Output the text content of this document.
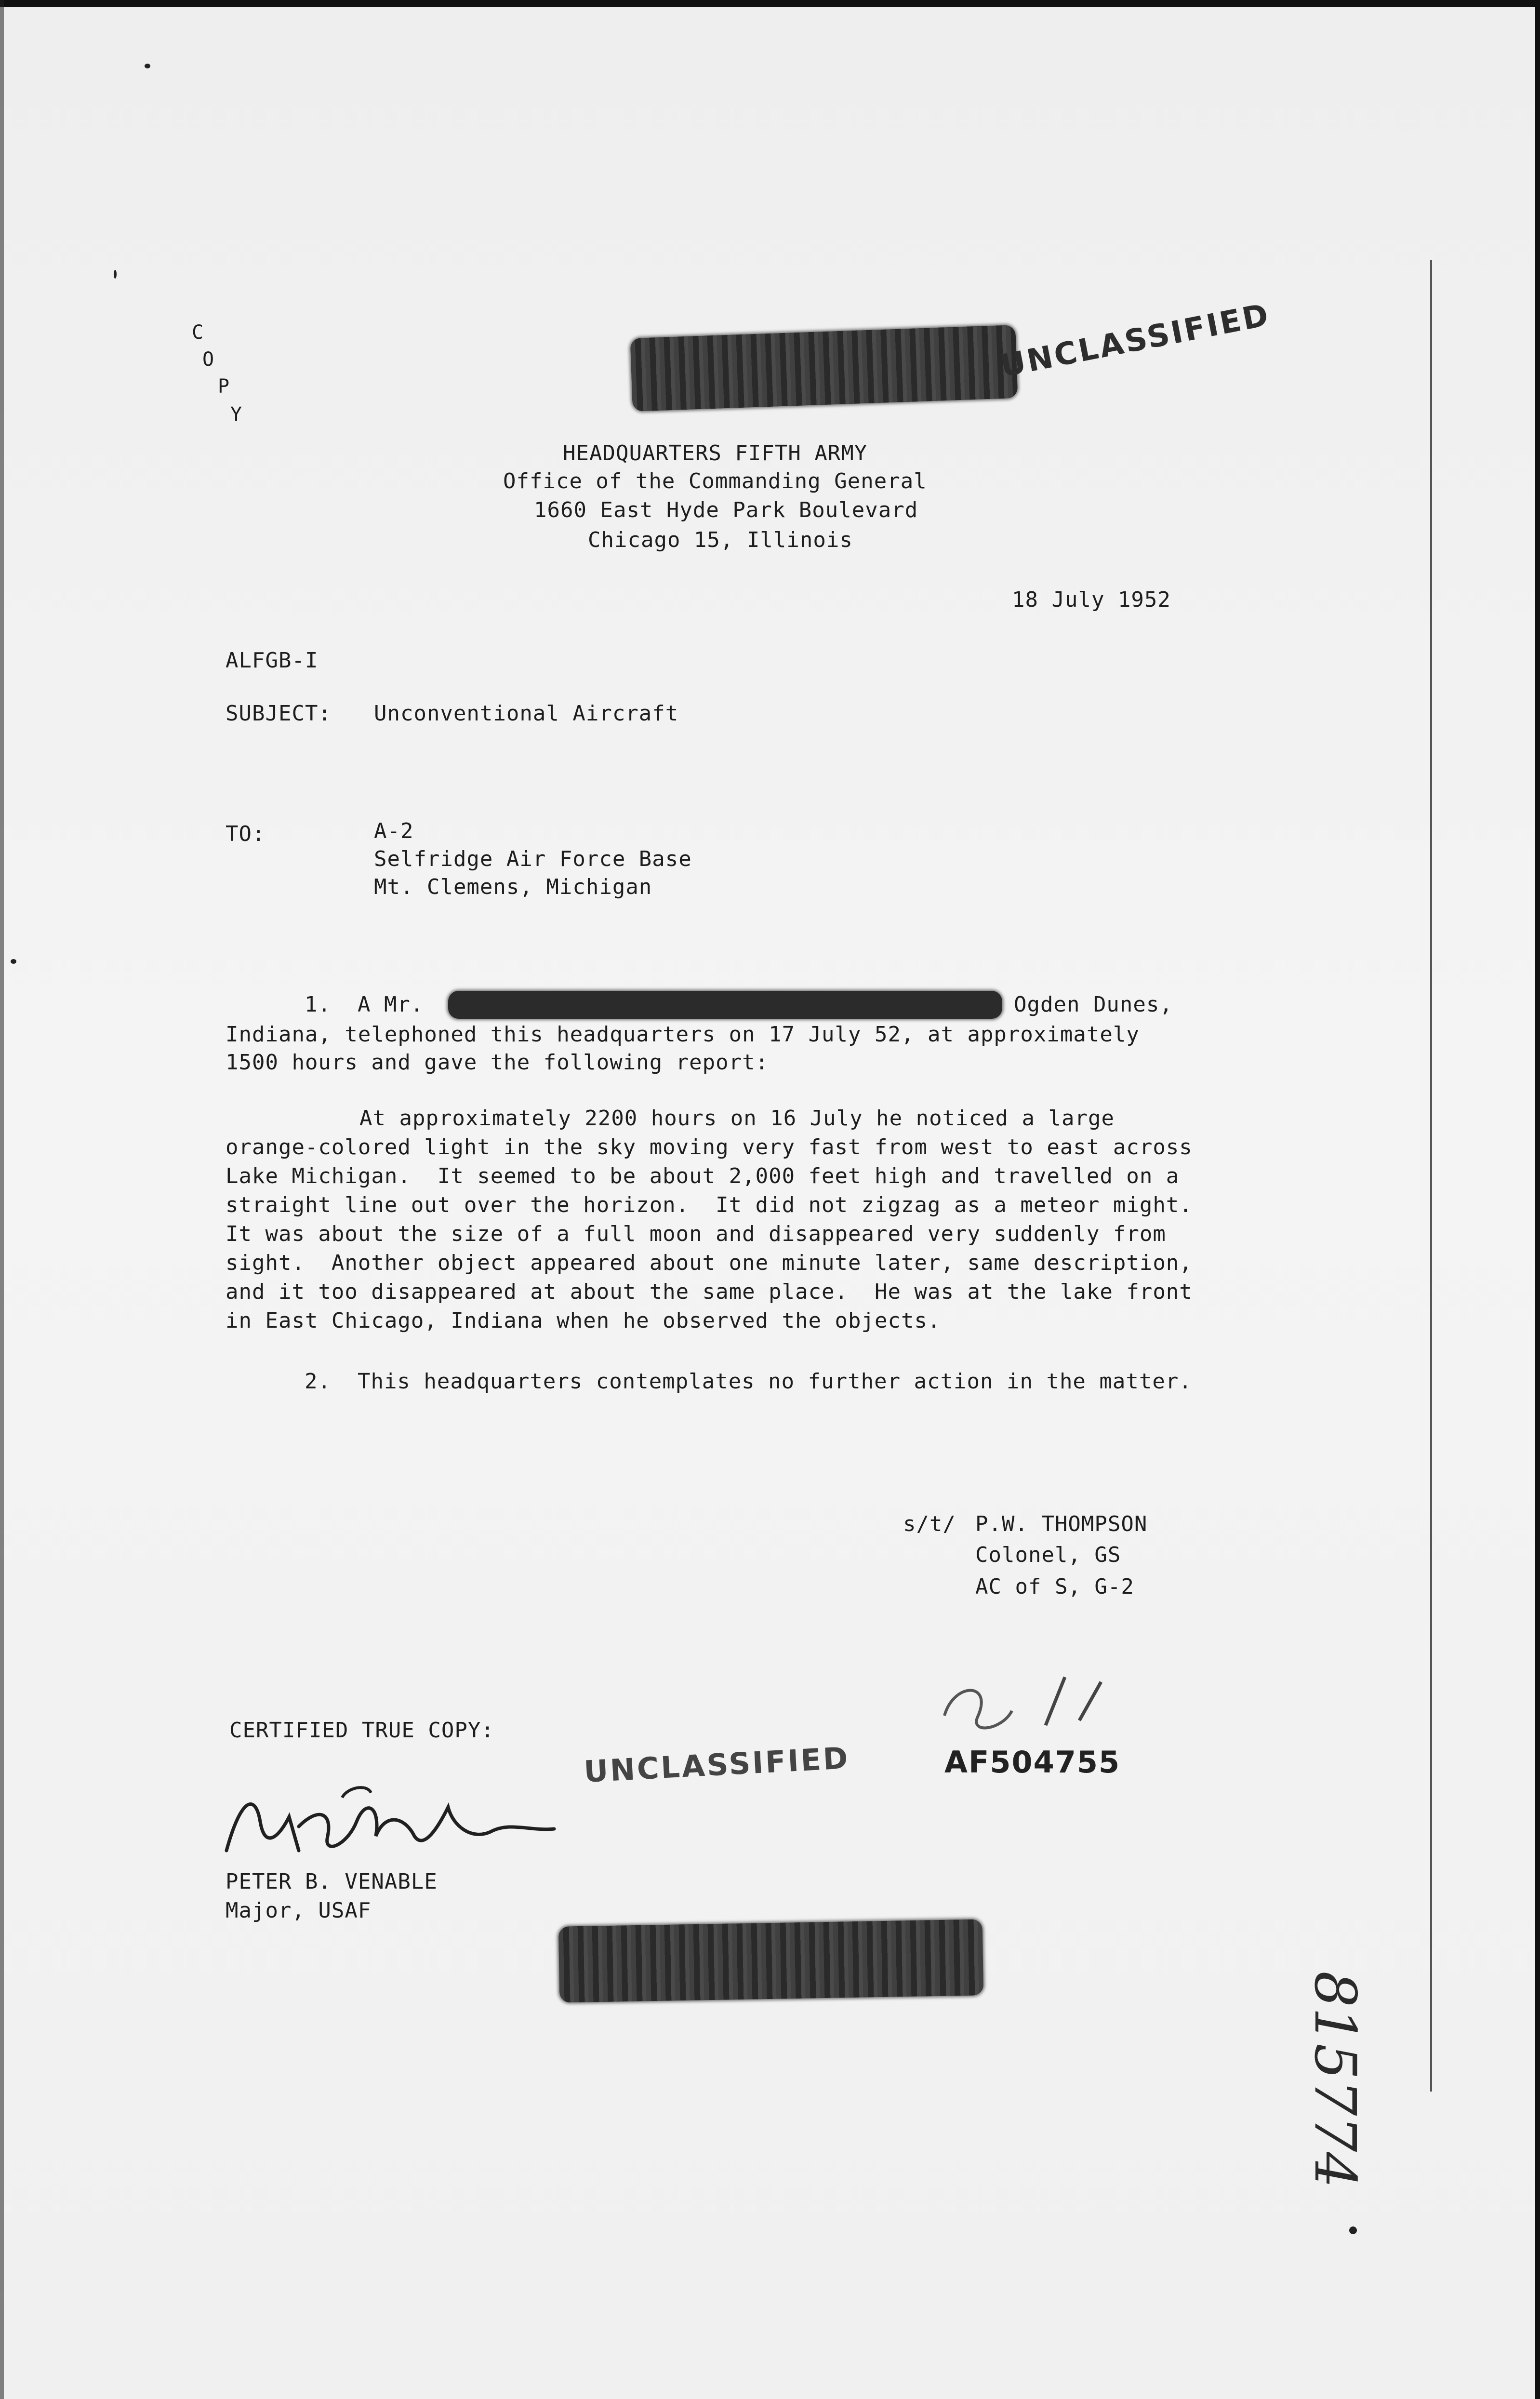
C
O
P
Y
UNCLASSIFIED
HEADQUARTERS FIFTH ARMY
Office of the Commanding General
1660 East Hyde Park Boulevard
Chicago 15, Illinois
18 July 1952
ALFGB-I
SUBJECT: Unconventional Aircraft
TO:	A-2
Selfridge Air Force Base
Mt. Clemens, Michigan
1.  A Mr.	Ogden Dunes,
Indiana, telephoned this headquarters on 17 July 52, at approximately
1500 hours and gave the following report:
At approximately 2200 hours on 16 July he noticed a large
orange-colored light in the sky moving very fast from west to east across
Lake Michigan.  It seemed to be about 2,000 feet high and travelled on a
straight line out over the horizon.  It did not zigzag as a meteor might.
It was about the size of a full moon and disappeared very suddenly from
sight.  Another object appeared about one minute later, same description,
and it too disappeared at about the same place.  He was at the lake front
in East Chicago, Indiana when he observed the objects.
2.  This headquarters contemplates no further action in the matter.
s/t/ P.W. THOMPSON
Colonel, GS
AC of S, G-2
CERTIFIED TRUE COPY:
UNCLASSIFIED	AF504755
PETER B. VENABLE
Major, USAF
815774
